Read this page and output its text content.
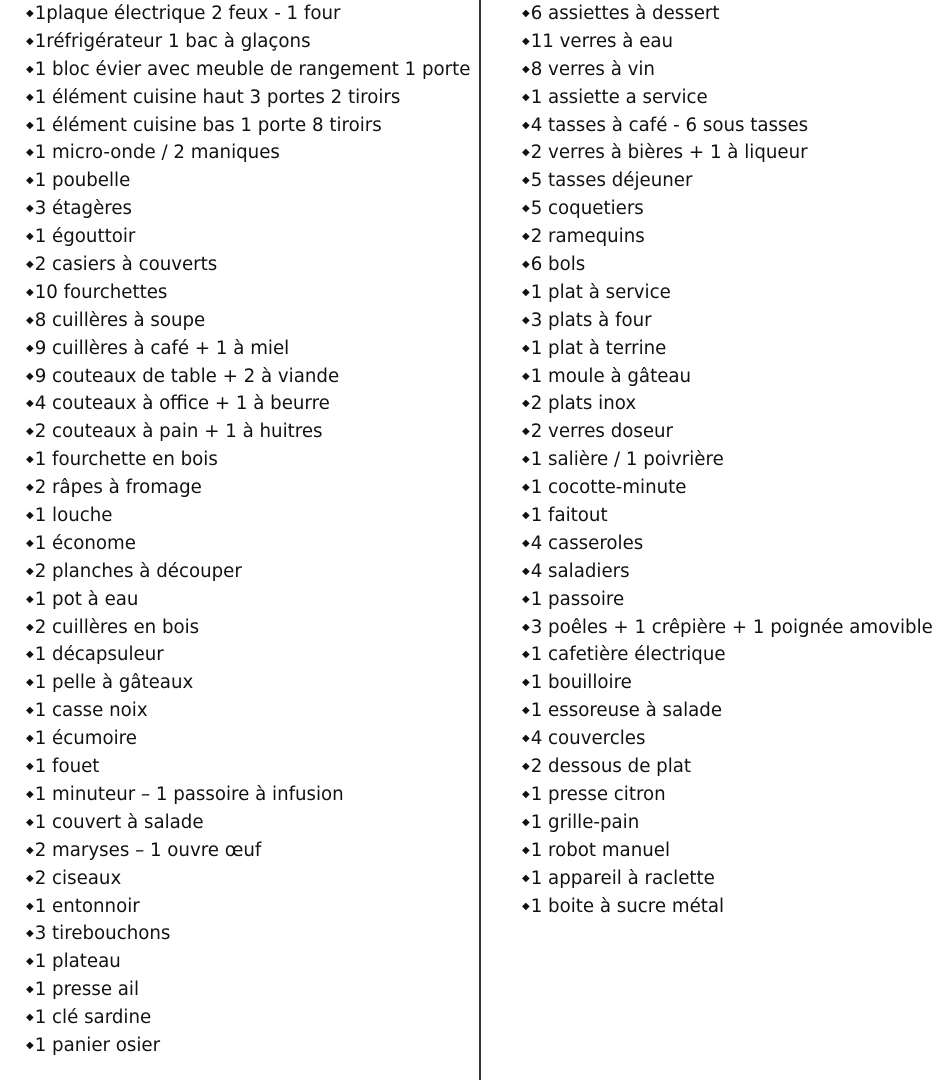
◆1plaque électrique 2 feux - 1 four
◆1réfrigérateur 1 bac à glaçons
◆1 bloc évier avec meuble de rangement 1 porte
◆1 élément cuisine haut 3 portes 2 tiroirs
◆1 élément cuisine bas 1 porte 8 tiroirs
◆1 micro-onde / 2 maniques
◆1 poubelle
◆3 étagères
◆1 égouttoir
◆2 casiers à couverts
◆10 fourchettes
◆8 cuillères à soupe
◆9 cuillères à café + 1 à miel
◆9 couteaux de table + 2 à viande
◆4 couteaux à office + 1 à beurre
◆2 couteaux à pain + 1 à huitres
◆1 fourchette en bois
◆2 râpes à fromage
◆1 louche
◆1 économe
◆2 planches à découper
◆1 pot à eau
◆2 cuillères en bois
◆1 décapsuleur
◆1 pelle à gâteaux
◆1 casse noix
◆1 écumoire
◆1 fouet
◆1 minuteur – 1 passoire à infusion
◆1 couvert à salade
◆2 maryses – 1 ouvre œuf
◆2 ciseaux
◆1 entonnoir
◆3 tirebouchons
◆1 plateau
◆1 presse ail
◆1 clé sardine
◆1 panier osier
◆6 assiettes à dessert
◆11 verres à eau
◆8 verres à vin
◆1 assiette a service
◆4 tasses à café - 6 sous tasses
◆2 verres à bières + 1 à liqueur
◆5 tasses déjeuner
◆5 coquetiers
◆2 ramequins
◆6 bols
◆1 plat à service
◆3 plats à four
◆1 plat à terrine
◆1 moule à gâteau
◆2 plats inox
◆2 verres doseur
◆1 salière / 1 poivrière
◆1 cocotte-minute
◆1 faitout
◆4 casseroles
◆4 saladiers
◆1 passoire
◆3 poêles + 1 crêpière + 1 poignée amovible
◆1 cafetière électrique
◆1 bouilloire
◆1 essoreuse à salade
◆4 couvercles
◆2 dessous de plat
◆1 presse citron
◆1 grille-pain
◆1 robot manuel
◆1 appareil à raclette
◆1 boite à sucre métal
